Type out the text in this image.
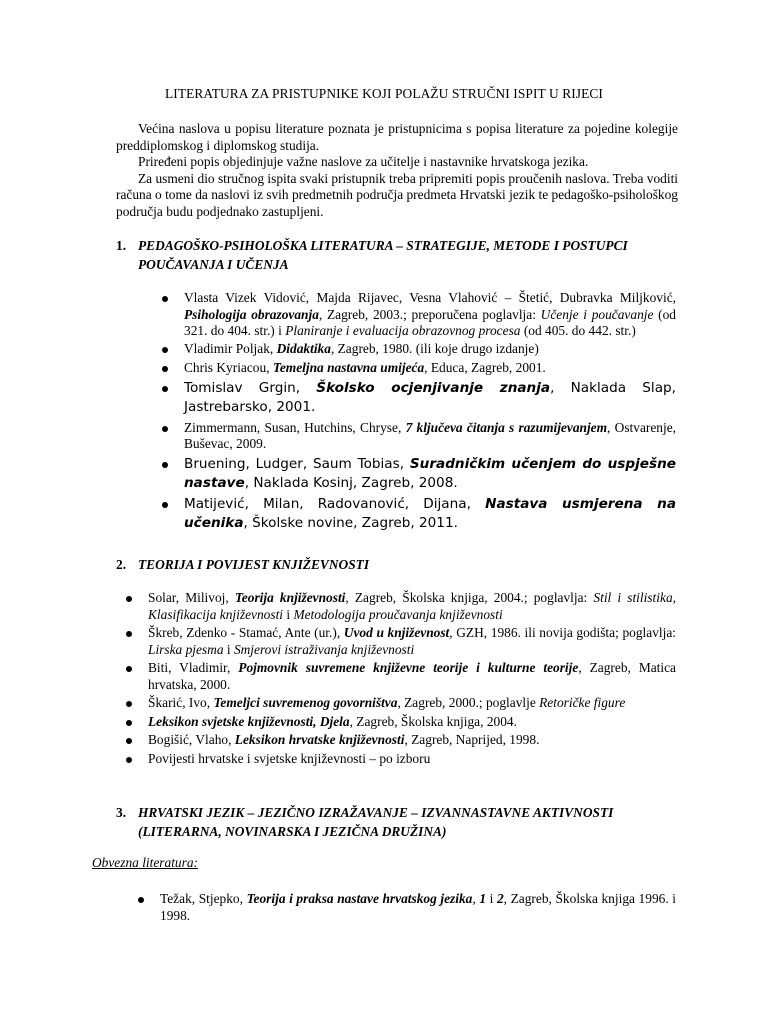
LITERATURA ZA PRISTUPNIKE KOJI POLAŽU STRUČNI ISPIT U RIJECI

Većina naslova u popisu literature poznata je pristupnicima s popisa literature za pojedine kolegije preddiplomskog i diplomskog studija.

Priređeni popis objedinjuje važne naslove za učitelje i nastavnike hrvatskoga jezika.

Za usmeni dio stručnog ispita svaki pristupnik treba pripremiti popis proučenih naslova. Treba voditi računa o tome da naslovi iz svih predmetnih područja predmeta Hrvatski jezik te pedagoško-psihološkog područja budu podjednako zastupljeni.

1. PEDAGOŠKO-PSIHOLOŠKA LITERATURA – STRATEGIJE, METODE I POSTUPCI POUČAVANJA I UČENJA
Vlasta Vizek Vidović, Majda Rijavec, Vesna Vlahović – Štetić, Dubravka Miljković, Psihologija obrazovanja, Zagreb, 2003.; preporučena poglavlja: Učenje i poučavanje (od 321. do 404. str.) i Planiranje i evaluacija obrazovnog procesa (od 405. do 442. str.)
Vladimir Poljak, Didaktika, Zagreb, 1980. (ili koje drugo izdanje)
Chris Kyriacou, Temeljna nastavna umijeća, Educa, Zagreb, 2001.
Tomislav Grgin, Školsko ocjenjivanje znanja, Naklada Slap, Jastrebarsko, 2001.
Zimmermann, Susan, Hutchins, Chryse, 7 ključeva čitanja s razumijevanjem, Ostvarenje, Buševac, 2009.
Bruening, Ludger, Saum Tobias, Suradničkim učenjem do uspješne nastave, Naklada Kosinj, Zagreb, 2008.
Matijević, Milan, Radovanović, Dijana, Nastava usmjerena na učenika, Školske novine, Zagreb, 2011.
2. TEORIJA I POVIJEST KNJIŽEVNOSTI
Solar, Milivoj, Teorija književnosti, Zagreb, Školska knjiga, 2004.; poglavlja: Stil i stilistika, Klasifikacija književnosti i Metodologija proučavanja književnosti
Škreb, Zdenko - Stamać, Ante (ur.), Uvod u književnost, GZH, 1986. ili novija godišta; poglavlja: Lirska pjesma i Smjerovi istraživanja književnosti
Biti, Vladimir, Pojmovnik suvremene književne teorije i kulturne teorije, Zagreb, Matica hrvatska, 2000.
Škarić, Ivo, Temeljci suvremenog govorništva, Zagreb, 2000.; poglavlje Retoričke figure
Leksikon svjetske književnosti, Djela, Zagreb, Školska knjiga, 2004.
Bogišić, Vlaho, Leksikon hrvatske književnosti, Zagreb, Naprijed, 1998.
Povijesti hrvatske i svjetske književnosti – po izboru
3. HRVATSKI JEZIK – JEZIČNO IZRAŽAVANJE – IZVANNASTAVNE AKTIVNOSTI (LITERARNA, NOVINARSKA I JEZIČNA DRUŽINA)
Obvezna literatura:
Težak, Stjepko, Teorija i praksa nastave hrvatskog jezika, 1 i 2, Zagreb, Školska knjiga 1996. i 1998.
